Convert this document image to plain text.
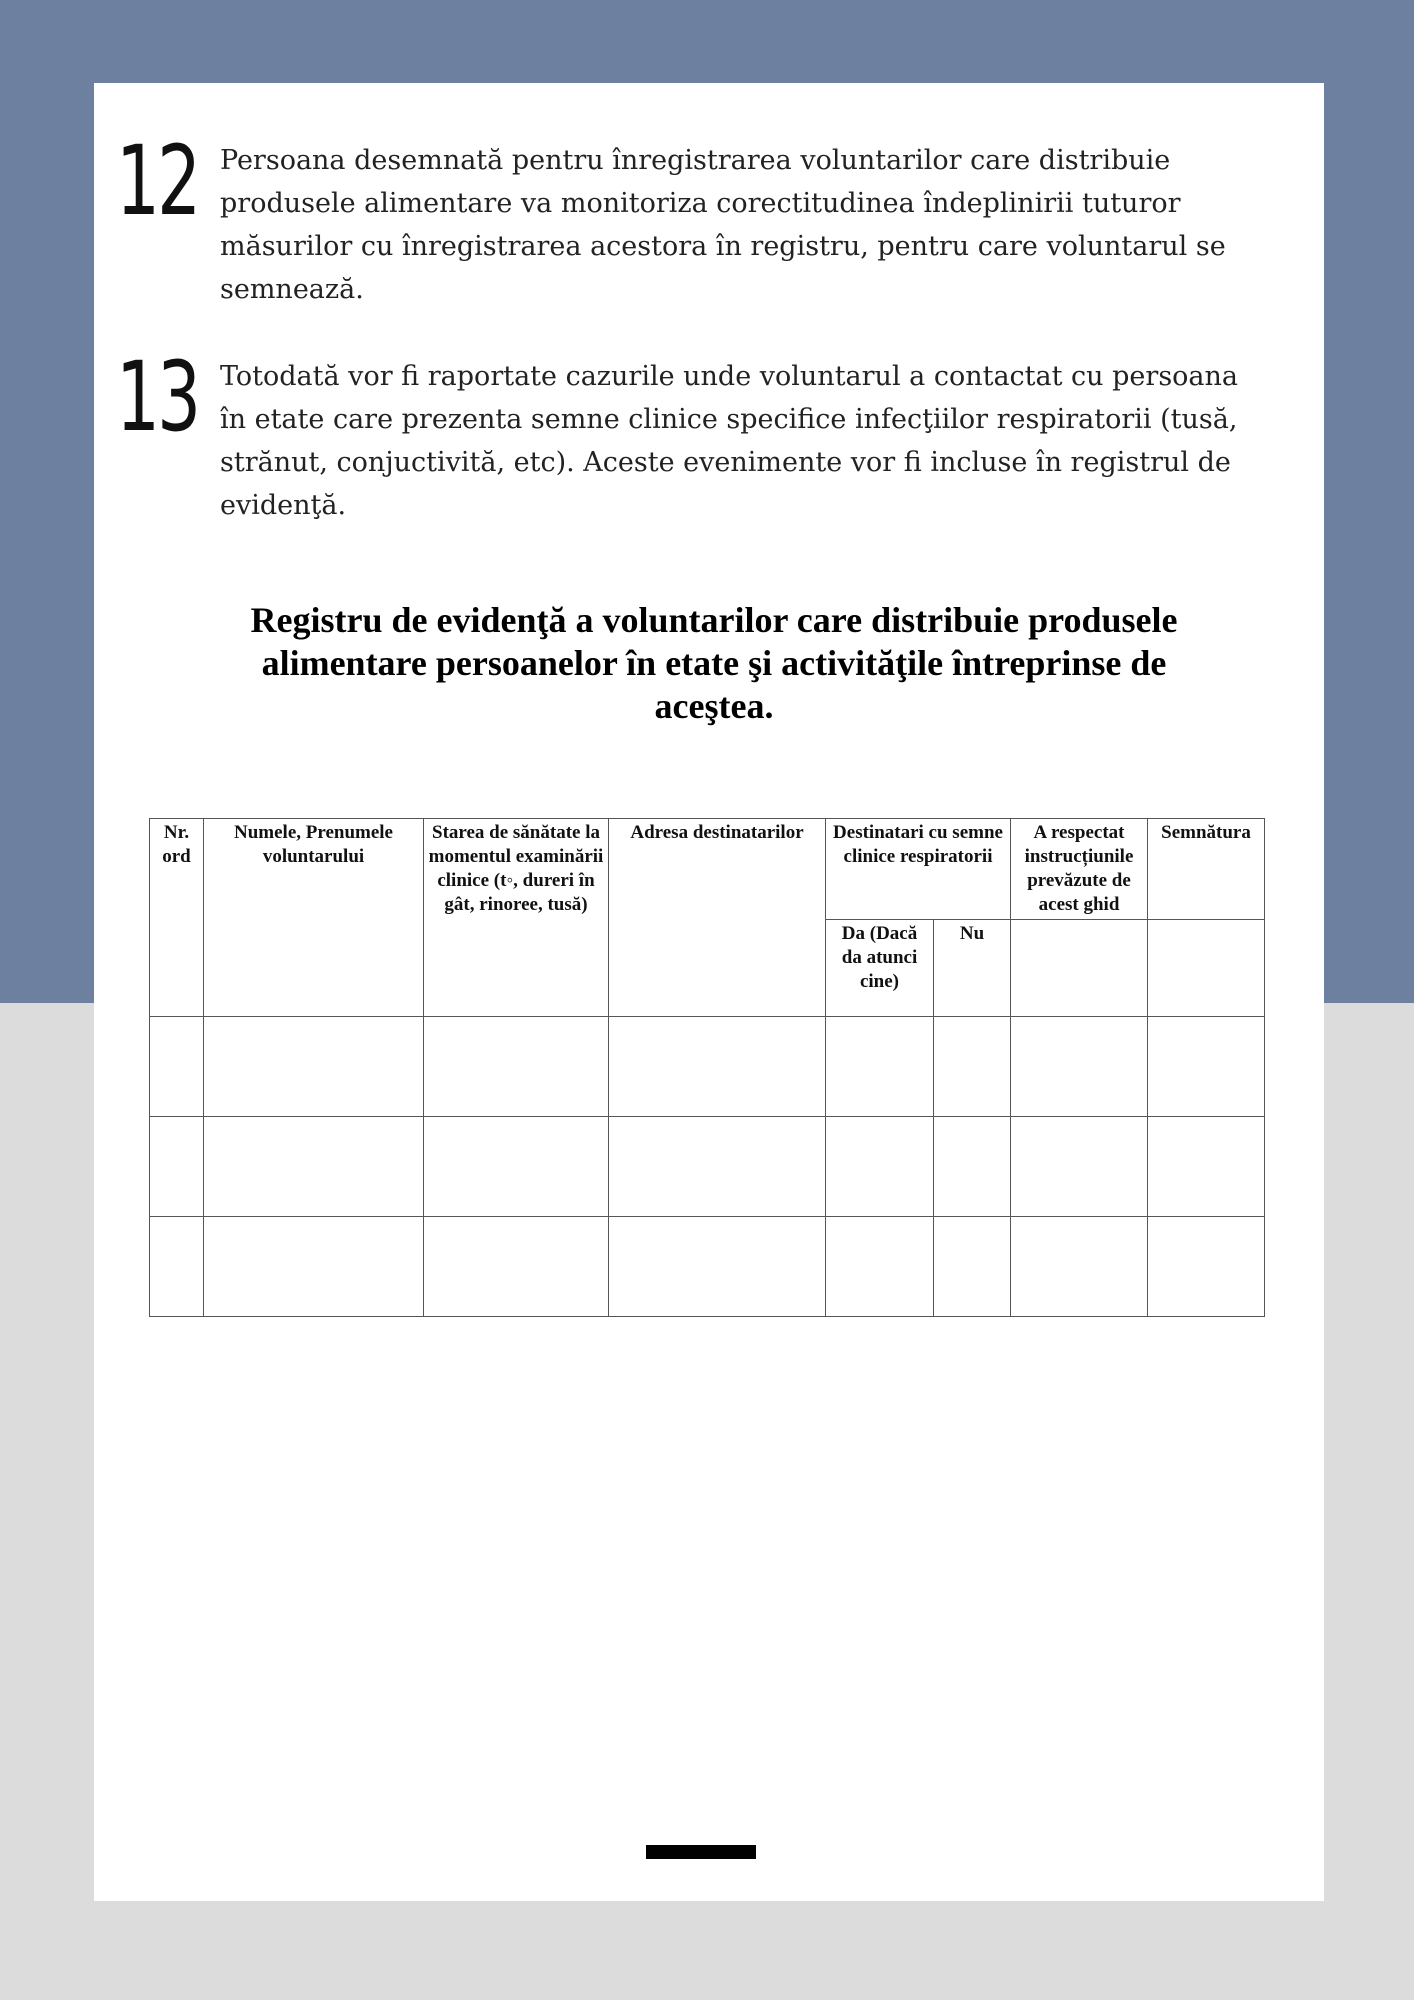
12 Persoana desemnată pentru înregistrarea voluntarilor care distribuie produsele alimentare va monitoriza corectitudinea îndeplinirii tuturor măsurilor cu înregistrarea acestora în registru, pentru care voluntarul se semnează.
13 Totodată vor fi raportate cazurile unde voluntarul a contactat cu persoana în etate care prezenta semne clinice specifice infecţiilor respiratorii (tusă, strănut, conjuctivită, etc). Aceste evenimente vor fi incluse în registrul de evidenţă.
Registru de evidenţă a voluntarilor care distribuie produsele alimentare persoanelor în etate şi activităţile întreprinse de aceştea.
Nr. ord	Numele, Prenumele voluntarului	Starea de sănătate la momentul examinării clinice (t◦, dureri în gât, rinoree, tusă)	Adresa destinatarilor	Destinatari cu semne clinice respiratorii		A respectat instrucțiunile prevăzute de acest ghid	Semnătura
				Da (Dacă da atunci cine)	Nu		
